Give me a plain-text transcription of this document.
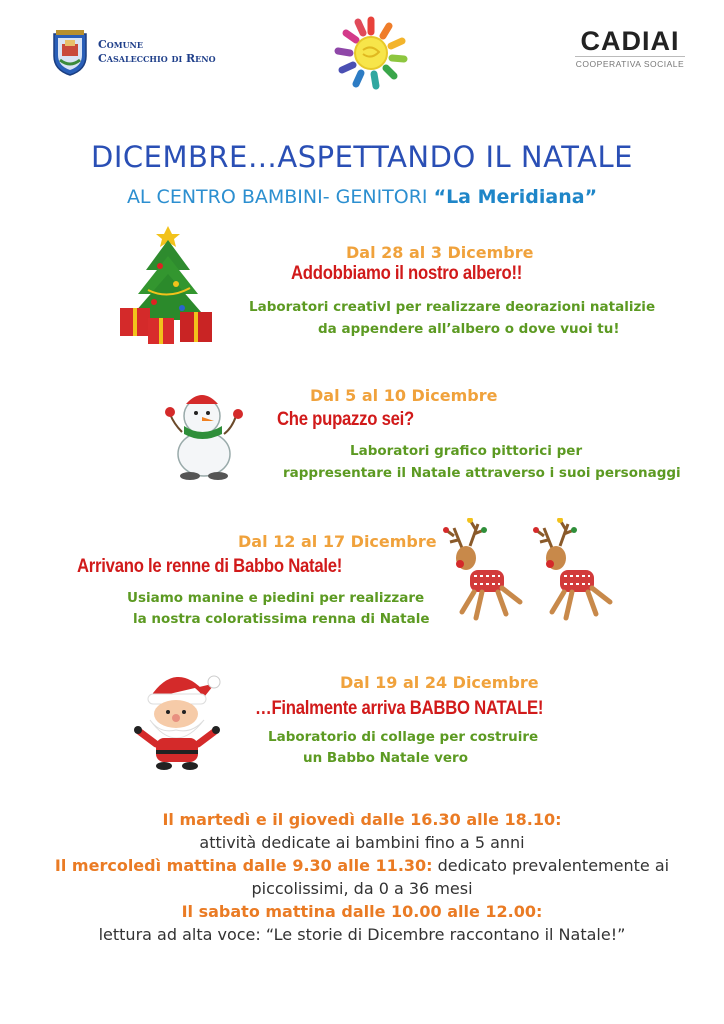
Comune
Casalecchio di Reno
CADIAI
COOPERATIVA SOCIALE
DICEMBRE…ASPETTANDO IL NATALE
AL CENTRO BAMBINI- GENITORI “La Meridiana”
Dal 28 al 3 Dicembre
Addobbiamo il nostro albero!!
Laboratori creativI per realizzare deorazioni natalizie
da appendere all’albero o dove vuoi tu!
Dal 5 al 10 Dicembre
Che pupazzo sei?
Laboratori grafico pittorici per
rappresentare il Natale attraverso i suoi personaggi
Dal 12 al 17 Dicembre
Arrivano le renne di Babbo Natale!
Usiamo manine e piedini per realizzare
la nostra coloratissima renna di Natale
Dal 19 al 24 Dicembre
…Finalmente arriva BABBO NATALE!
Laboratorio di collage per costruire
un Babbo Natale vero
Il martedì e il giovedì dalle 16.30 alle 18.10:
attività dedicate ai bambini fino a 5 anni
Il mercoledì mattina dalle 9.30 alle 11.30: dedicato prevalentemente ai
piccolissimi, da 0 a 36 mesi
Il sabato mattina dalle 10.00 alle 12.00:
lettura ad alta voce: “Le storie di Dicembre raccontano il Natale!”
